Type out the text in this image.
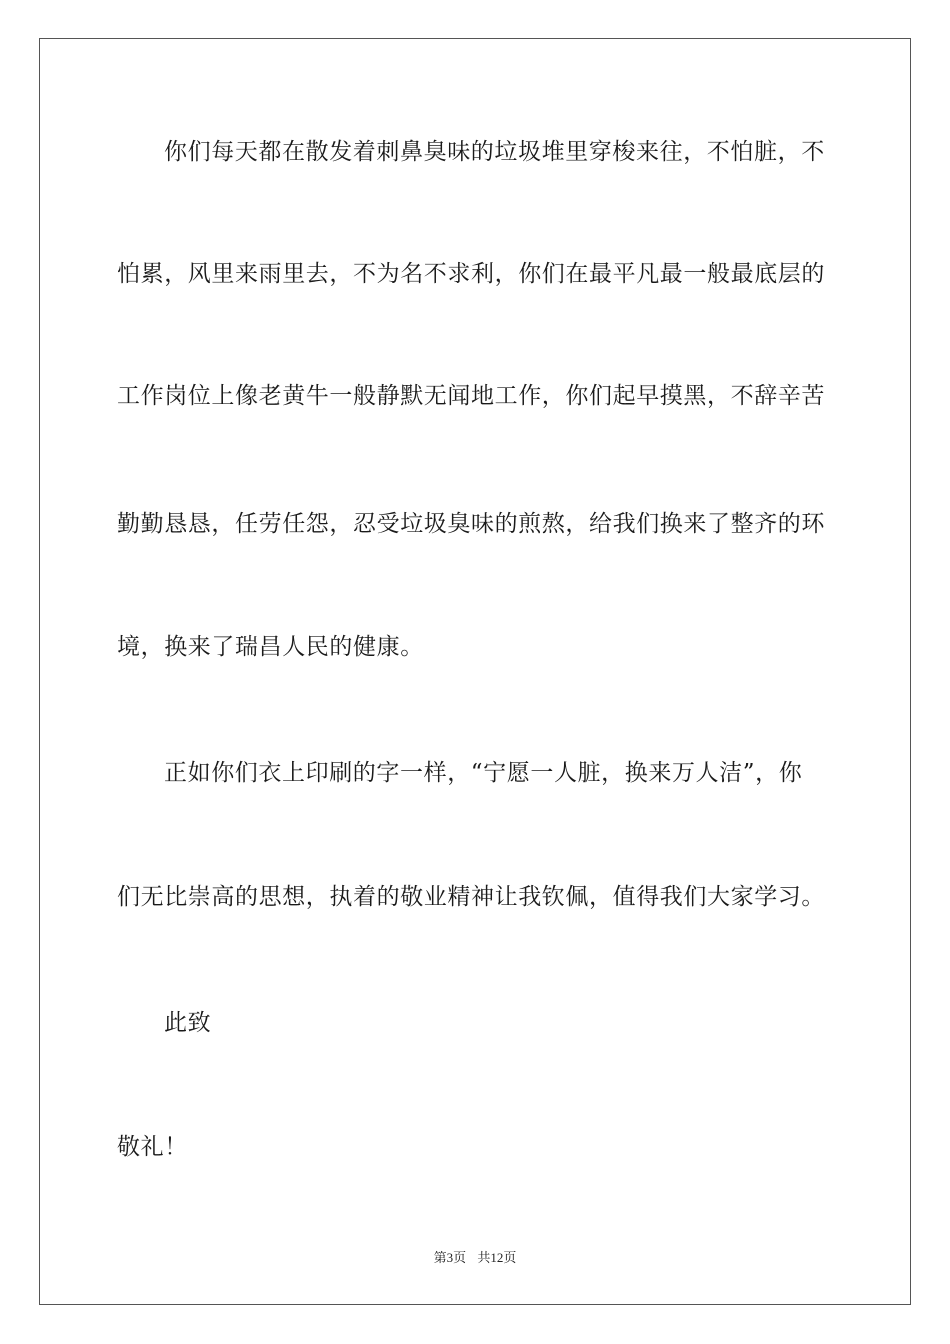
你们每天都在散发着刺鼻臭味的垃圾堆里穿梭来往，不怕脏，不
怕累，风里来雨里去，不为名不求利，你们在最平凡最一般最底层的
工作岗位上像老黄牛一般静默无闻地工作，你们起早摸黑，不辞辛苦
勤勤恳恳，任劳任怨，忍受垃圾臭味的煎熬，给我们换来了整齐的环
境，换来了瑞昌人民的健康。
正如你们衣上印刷的字一样，“宁愿一人脏，换来万人洁”，你
们无比崇高的思想，执着的敬业精神让我钦佩，值得我们大家学习。
此致
敬礼！
第3页 共12页
